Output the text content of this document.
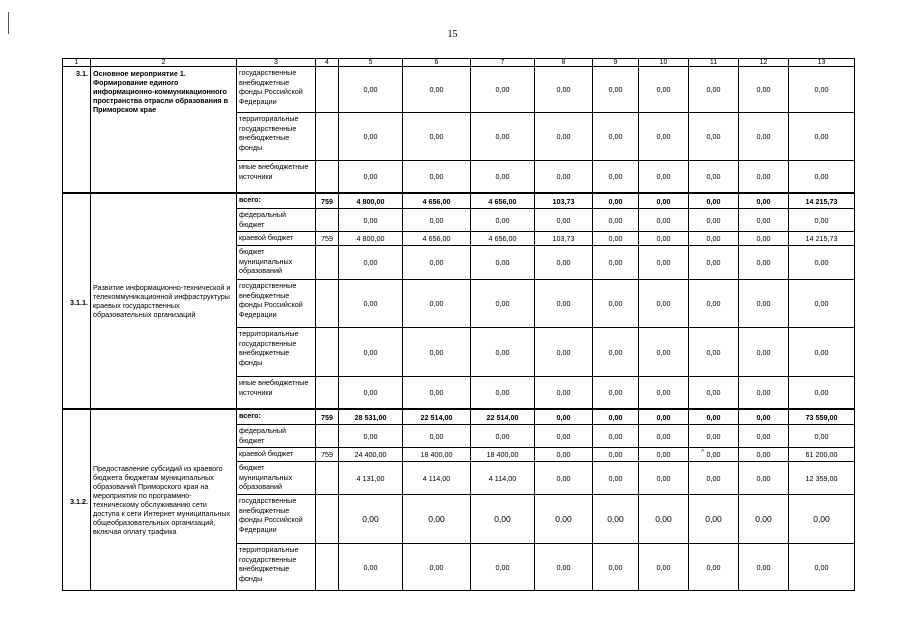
15
·	^
1	2	3	4	5	6	7	8	9	10	11	12	13
3.1.	Основное мероприятие 1. Формирование единого информационно-коммуникационного пространства отрасли образования в Приморском крае	государственные внебюджетные фонды Российской Федерации		0,00	0,00	0,00	0,00	0,00	0,00	0,00	0,00	0,00
		территориальные государственные внебюджетные фонды		0,00	0,00	0,00	0,00	0,00	0,00	0,00	0,00	0,00
		иные внебюджетные источники		0,00	0,00	0,00	0,00	0,00	0,00	0,00	0,00	0,00
3.1.1.	Развитие информационно-технической и телекоммуникационной инфраструктуры краевых государственных образовательных организаций	всего:	759	4 800,00	4 656,00	4 656,00	103,73	0,00	0,00	0,00	0,00	14 215,73
		федеральный бюджет		0,00	0,00	0,00	0,00	0,00	0,00	0,00	0,00	0,00
		краевой бюджет	759	4 800,00	4 656,00	4 656,00	103,73	0,00	0,00	0,00	0,00	14 215,73
		бюджет муниципальных образований		0,00	0,00	0,00	0,00	0,00	0,00	0,00	0,00	0,00
		государственные внебюджетные фонды Российской Федерации		0,00	0,00	0,00	0,00	0,00	0,00	0,00	0,00	0,00
		территориальные государственные внебюджетные фонды		0,00	0,00	0,00	0,00	0,00	0,00	0,00	0,00	0,00
		иные внебюджетные источники		0,00	0,00	0,00	0,00	0,00	0,00	0,00	0,00	0,00
3.1.2.	Предоставление субсидий из краевого бюджета бюджетам муниципальных образований Приморского края на мероприятия по программно-техническому обслуживанию сети доступа к сети Интернет муниципальных общеобразовательных организаций, включая оплату трафика	всего:	759	28 531,00	22 514,00	22 514,00	0,00	0,00	0,00	0,00	0,00	73 559,00
		федеральный бюджет		0,00	0,00	0,00	0,00	0,00	0,00	0,00	0,00	0,00
		краевой бюджет	759	24 400,00	18 400,00	18 400,00	0,00	0,00	0,00	0,00	0,00	61 200,00
		бюджет муниципальных образований		4 131,00	4 114,00	4 114,00	0,00	0,00	0,00	0,00	0,00	12 359,00
		государственные внебюджетные фонды Российской Федерации		0,00	0,00	0,00	0,00	0,00	0,00	0,00	0,00	0,00
		территориальные государственные внебюджетные фонды		0,00	0,00	0,00	0,00	0,00	0,00	0,00	0,00	0,00
